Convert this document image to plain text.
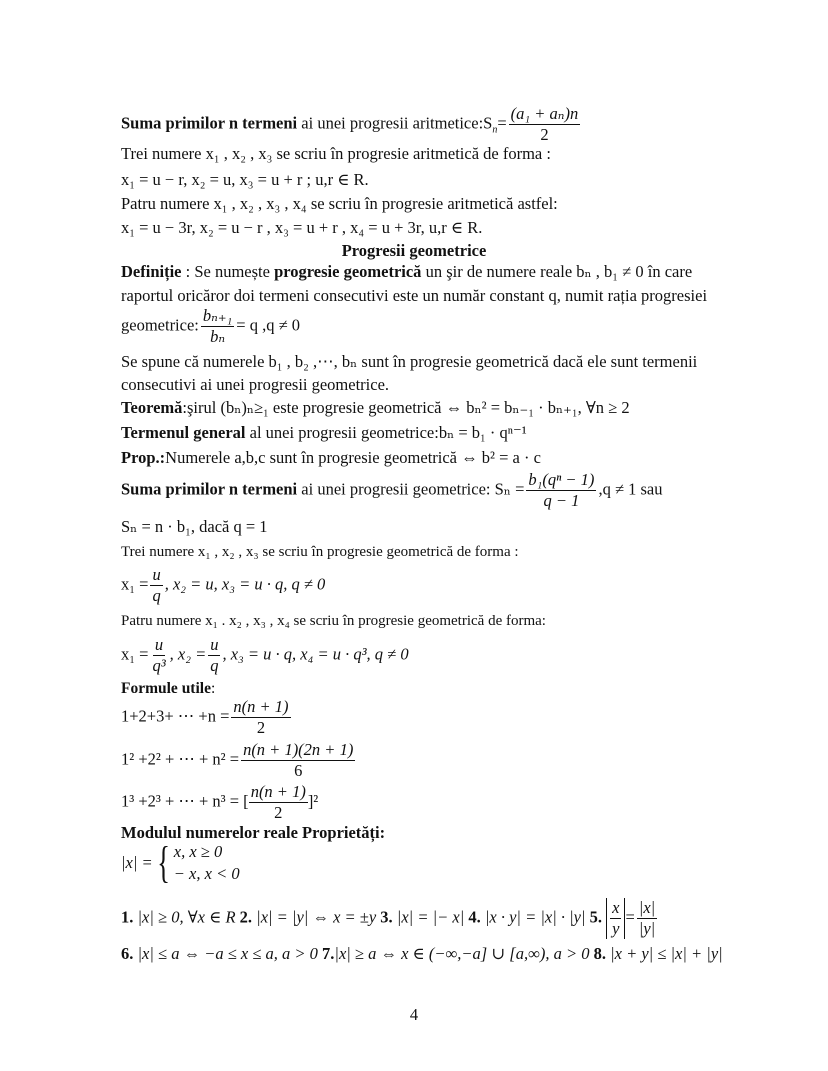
Suma primilor n termeni ai unei progresii $aritmetice:S_n= \frac{\text{(a₁ + aₙ)n}}{2}$
Trei numere x₁ , x₂ , x₃ se scriu în progresie aritmetică de forma :
x₁ = u − r, x₂ = u, x₃ = u + r ; u,r ∈ R.
Patru numere x₁ , x₂ , x₃ , x₄ se scriu în progresie aritmetică astfel:
x₁ = u − 3r, x₂ = u − r , x₃ = u + r , x₄ = u + 3r, u,r ∈ R.
Progresii geometrice
Definiție : Se numește progresie geometrică un şir de numere reale bₙ , b₁ ≠ 0 în care
raportul oricăror doi termeni consecutivi este un număr constant q, numit rația progresiei
geometrice: $\frac{\text{bₙ₊₁}}{\text{bₙ}} = q$ ,q ≠ 0
Se spune că numerele b₁ , b₂ ,⋯, bₙ sunt în progresie geometrică dacă ele sunt termenii
consecutivi ai unei progresii geometrice.
Teoremă:şirul (bₙ)ₙ≥₁ este progresie geometrică ⇔ bₙ² = bₙ₋₁ · bₙ₊₁, ∀n ≥ 2
Termenul general al unei progresii geometrice:bₙ = b₁ · qⁿ⁻¹
Prop.:Numerele a,b,c sunt în progresie geometrică ⇔ b² = a · c
Suma primilor n termeni ai unei progresii geometrice: $S_n = \frac{\text{b₁(qⁿ − 1)}}{q - 1} ,q \ne 1$ sau
Sₙ = n · b₁, dacă q = 1
Trei numere x₁ , x₂ , x₃ se scriu în progresie geometrică de forma :
$x_1 = \frac{u}{q}$ , x₂ = u, x₃ = u · q, q ≠ 0
Patru numere x₁ . x₂ , x₃ , x₄ se scriu în progresie geometrică de forma:
$x_1 = \frac{u}{\text{q³}}$ , $x_2 = \frac{u}{q}$ , x₃ = u · q, x₄ = u · q³, q ≠ 0
Formule utile:
1+2+3+ ⋯ $+n = \frac{n(n + 1)}{2}$
1² +2² + ⋯ + $n^2 = \frac{n(n + 1)(2n + 1)}{6}$
1³ +2³ + ⋯ + n³ = [ $\frac{n(n + 1)}{2} ]^2$
Modulul numerelor reale Proprietăți:
|x| = { x, x ≥ 0
− x, x < 0
1. |x| ≥ 0, ∀x ∈ R 2. |x| = |y| ⇔ x = ±y 3. |x| = |− x| 4. |x · y| = |x| · |y| 5. $\frac{x}{y} = \frac{|x|}{|y|}$
6. |x| ≤ a ⇔ −a ≤ x ≤ a, a > 0 7.|x| ≥ a ⇔ x ∈ (−∞,−a] ∪ [a,∞), a > 0 8. |x + y| ≤ |x| + |y|
4
